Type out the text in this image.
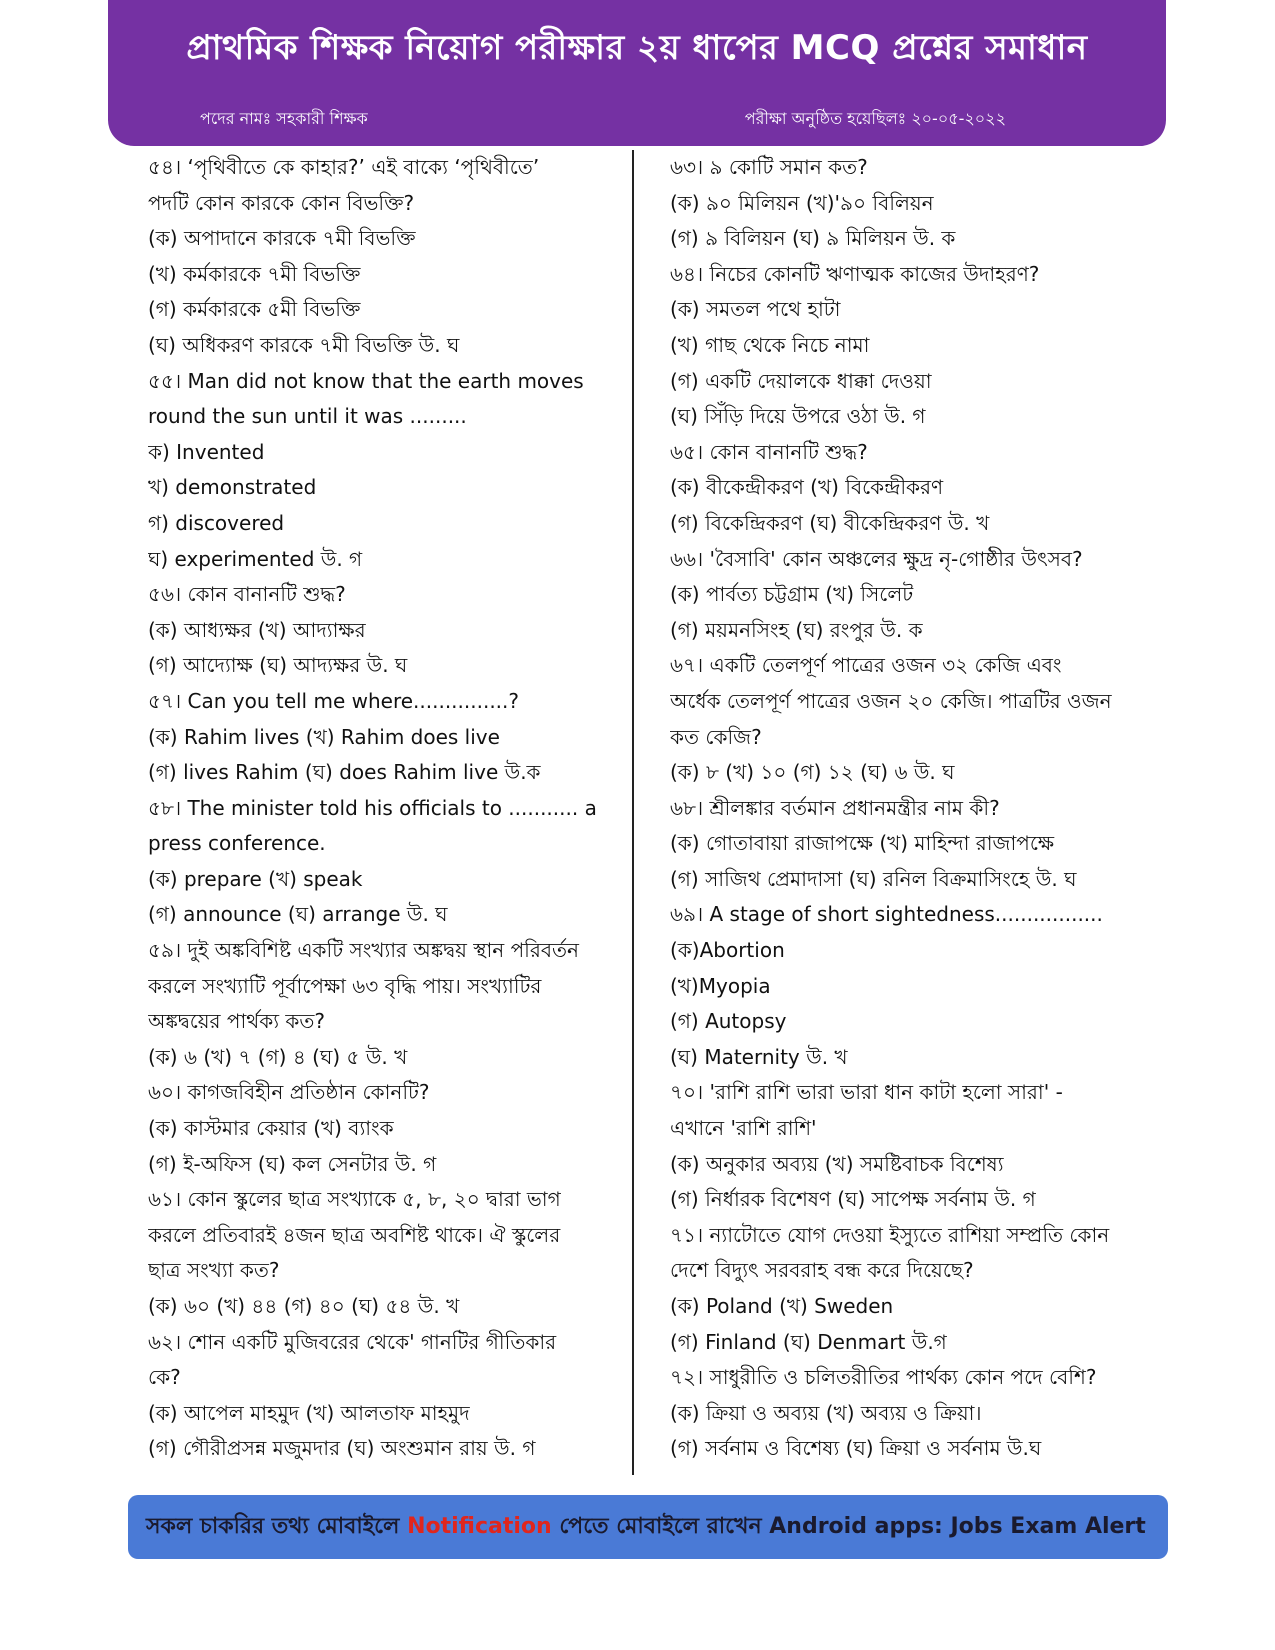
প্রাথমিক শিক্ষক নিয়োগ পরীক্ষার ২য় ধাপের MCQ প্রশ্নের সমাধান
পদের নামঃ সহকারী শিক্ষক	পরীক্ষা অনুষ্ঠিত হয়েছিলঃ ২০-০৫-২০২২
৫৪। ‘পৃথিবীতে কে কাহার?’ এই বাক্যে ‘পৃথিবীতে’
পদটি কোন কারকে কোন বিভক্তি?
(ক) অপাদানে কারকে ৭মী বিভক্তি
(খ) কর্মকারকে ৭মী বিভক্তি
(গ) কর্মকারকে ৫মী বিভক্তি
(ঘ) অধিকরণ কারকে ৭মী বিভক্তি উ. ঘ
৫৫। Man did not know that the earth moves
round the sun until it was .........
ক) Invented
খ) demonstrated
গ) discovered
ঘ) experimented উ. গ
৫৬। কোন বানানটি শুদ্ধ?
(ক) আধ্যক্ষর (খ) আদ্যাক্ষর
(গ) আদ্যোক্ষ (ঘ) আদ্যক্ষর উ. ঘ
৫৭। Can you tell me where...............?
(ক) Rahim lives (খ) Rahim does live
(গ) lives Rahim (ঘ) does Rahim live উ.ক
৫৮। The minister told his officials to ........... a
press conference.
(ক) prepare (খ) speak
(গ) announce (ঘ) arrange উ. ঘ
৫৯। দুই অঙ্কবিশিষ্ট একটি সংখ্যার অঙ্কদ্বয় স্থান পরিবর্তন
করলে সংখ্যাটি পূর্বাপেক্ষা ৬৩ বৃদ্ধি পায়। সংখ্যাটির
অঙ্কদ্বয়ের পার্থক্য কত?
(ক) ৬ (খ) ৭ (গ) ৪ (ঘ) ৫ উ. খ
৬০। কাগজবিহীন প্রতিষ্ঠান কোনটি?
(ক) কাস্টমার কেয়ার (খ) ব্যাংক
(গ) ই-অফিস (ঘ) কল সেনটার উ. গ
৬১। কোন স্কুলের ছাত্র সংখ্যাকে ৫, ৮, ২০ দ্বারা ভাগ
করলে প্রতিবারই ৪জন ছাত্র অবশিষ্ট থাকে। ঐ স্কুলের
ছাত্র সংখ্যা কত?
(ক) ৬০ (খ) ৪৪ (গ) ৪০ (ঘ) ৫৪ উ. খ
৬২। শোন একটি মুজিবরের থেকে' গানটির গীতিকার
কে?
(ক) আপেল মাহমুদ (খ) আলতাফ মাহমুদ
(গ) গৌরীপ্রসন্ন মজুমদার (ঘ) অংশুমান রায় উ. গ
৬৩। ৯ কোটি সমান কত?
(ক) ৯০ মিলিয়ন (খ)'৯০ বিলিয়ন
(গ) ৯ বিলিয়ন (ঘ) ৯ মিলিয়ন উ. ক
৬৪। নিচের কোনটি ঋণাত্মক কাজের উদাহরণ?
(ক) সমতল পথে হাটা
(খ) গাছ থেকে নিচে নামা
(গ) একটি দেয়ালকে ধাক্কা দেওয়া
(ঘ) সিঁড়ি দিয়ে উপরে ওঠা উ. গ
৬৫। কোন বানানটি শুদ্ধ?
(ক) বীকেন্দ্রীকরণ (খ) বিকেন্দ্রীকরণ
(গ) বিকেন্দ্রিকরণ (ঘ) বীকেন্দ্রিকরণ উ. খ
৬৬। 'বৈসাবি' কোন অঞ্চলের ক্ষুদ্র নৃ-গোষ্ঠীর উৎসব?
(ক) পার্বত্য চট্টগ্রাম (খ) সিলেট
(গ) ময়মনসিংহ (ঘ) রংপুর উ. ক
৬৭। একটি তেলপূর্ণ পাত্রের ওজন ৩২ কেজি এবং
অর্ধেক তেলপূর্ণ পাত্রের ওজন ২০ কেজি। পাত্রটির ওজন
কত কেজি?
(ক) ৮ (খ) ১০ (গ) ১২ (ঘ) ৬ উ. ঘ
৬৮। শ্রীলঙ্কার বর্তমান প্রধানমন্ত্রীর নাম কী?
(ক) গোতাবায়া রাজাপক্ষে (খ) মাহিন্দা রাজাপক্ষে
(গ) সাজিথ প্রেমাদাসা (ঘ) রনিল বিক্রমাসিংহে উ. ঘ
৬৯। A stage of short sightedness.................
(ক)Abortion
(খ)Myopia
(গ) Autopsy
(ঘ) Maternity উ. খ
৭০। 'রাশি রাশি ভারা ভারা ধান কাটা হলাে সারা' -
এখানে 'রাশি রাশি'
(ক) অনুকার অব্যয় (খ) সমষ্টিবাচক বিশেষ্য
(গ) নির্ধারক বিশেষণ (ঘ) সাপেক্ষ সর্বনাম উ. গ
৭১। ন্যাটোতে যোগ দেওয়া ইস্যুতে রাশিয়া সম্প্রতি কোন
দেশে বিদ্যুৎ সরবরাহ বন্ধ করে দিয়েছে?
(ক) Poland (খ) Sweden
(গ) Finland (ঘ) Denmart উ.গ
৭২। সাধুরীতি ও চলিতরীতির পার্থক্য কোন পদে বেশি?
(ক) ক্রিয়া ও অব্যয় (খ) অব্যয় ও ক্রিয়া।
(গ) সর্বনাম ও বিশেষ্য (ঘ) ক্রিয়া ও সর্বনাম উ.ঘ
সকল চাকরির তথ্য মোবাইলে Notification পেতে মোবাইলে রাখেন Android apps: Jobs Exam Alert
